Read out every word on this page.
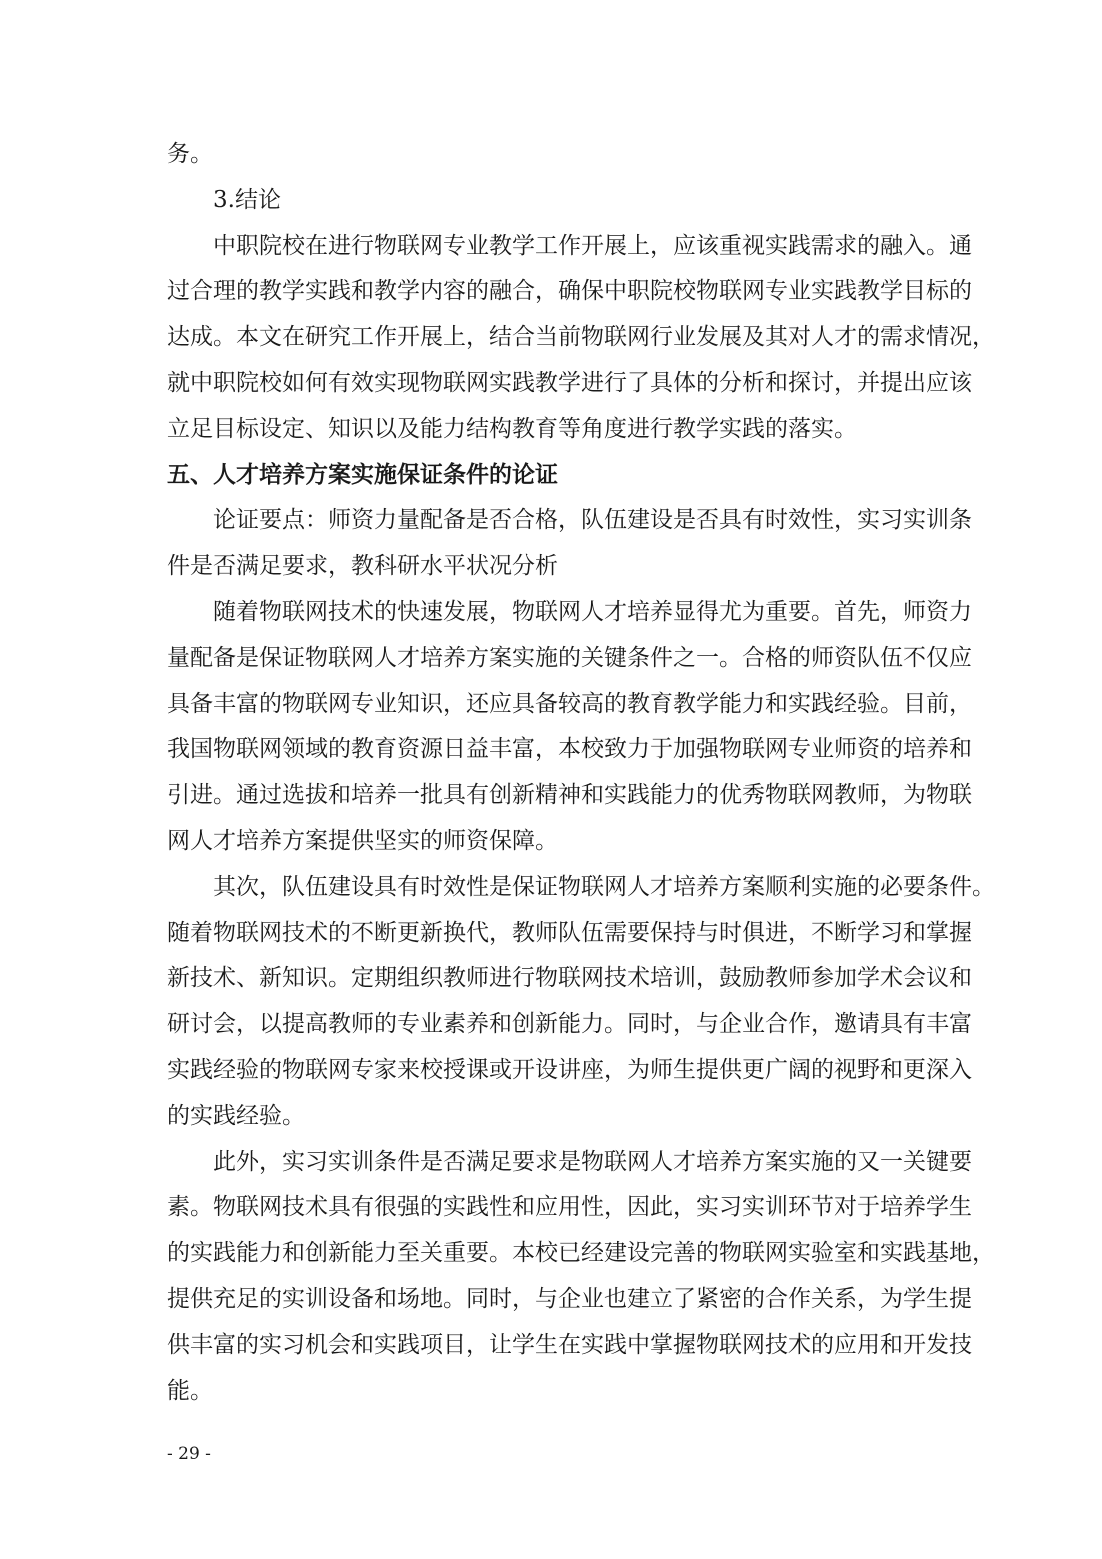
务。
3.结论
中职院校在进行物联网专业教学工作开展上，应该重视实践需求的融入。通
过合理的教学实践和教学内容的融合，确保中职院校物联网专业实践教学目标的
达成。本文在研究工作开展上，结合当前物联网行业发展及其对人才的需求情况，
就中职院校如何有效实现物联网实践教学进行了具体的分析和探讨，并提出应该
立足目标设定、知识以及能力结构教育等角度进行教学实践的落实。
五、人才培养方案实施保证条件的论证
论证要点：师资力量配备是否合格，队伍建设是否具有时效性，实习实训条
件是否满足要求，教科研水平状况分析
随着物联网技术的快速发展，物联网人才培养显得尤为重要。首先，师资力
量配备是保证物联网人才培养方案实施的关键条件之一。合格的师资队伍不仅应
具备丰富的物联网专业知识，还应具备较高的教育教学能力和实践经验。目前，
我国物联网领域的教育资源日益丰富，本校致力于加强物联网专业师资的培养和
引进。通过选拔和培养一批具有创新精神和实践能力的优秀物联网教师，为物联
网人才培养方案提供坚实的师资保障。
其次，队伍建设具有时效性是保证物联网人才培养方案顺利实施的必要条件。
随着物联网技术的不断更新换代，教师队伍需要保持与时俱进，不断学习和掌握
新技术、新知识。定期组织教师进行物联网技术培训，鼓励教师参加学术会议和
研讨会，以提高教师的专业素养和创新能力。同时，与企业合作，邀请具有丰富
实践经验的物联网专家来校授课或开设讲座，为师生提供更广阔的视野和更深入
的实践经验。
此外，实习实训条件是否满足要求是物联网人才培养方案实施的又一关键要
素。物联网技术具有很强的实践性和应用性，因此，实习实训环节对于培养学生
的实践能力和创新能力至关重要。本校已经建设完善的物联网实验室和实践基地，
提供充足的实训设备和场地。同时，与企业也建立了紧密的合作关系，为学生提
供丰富的实习机会和实践项目，让学生在实践中掌握物联网技术的应用和开发技
能。
- 29 -
